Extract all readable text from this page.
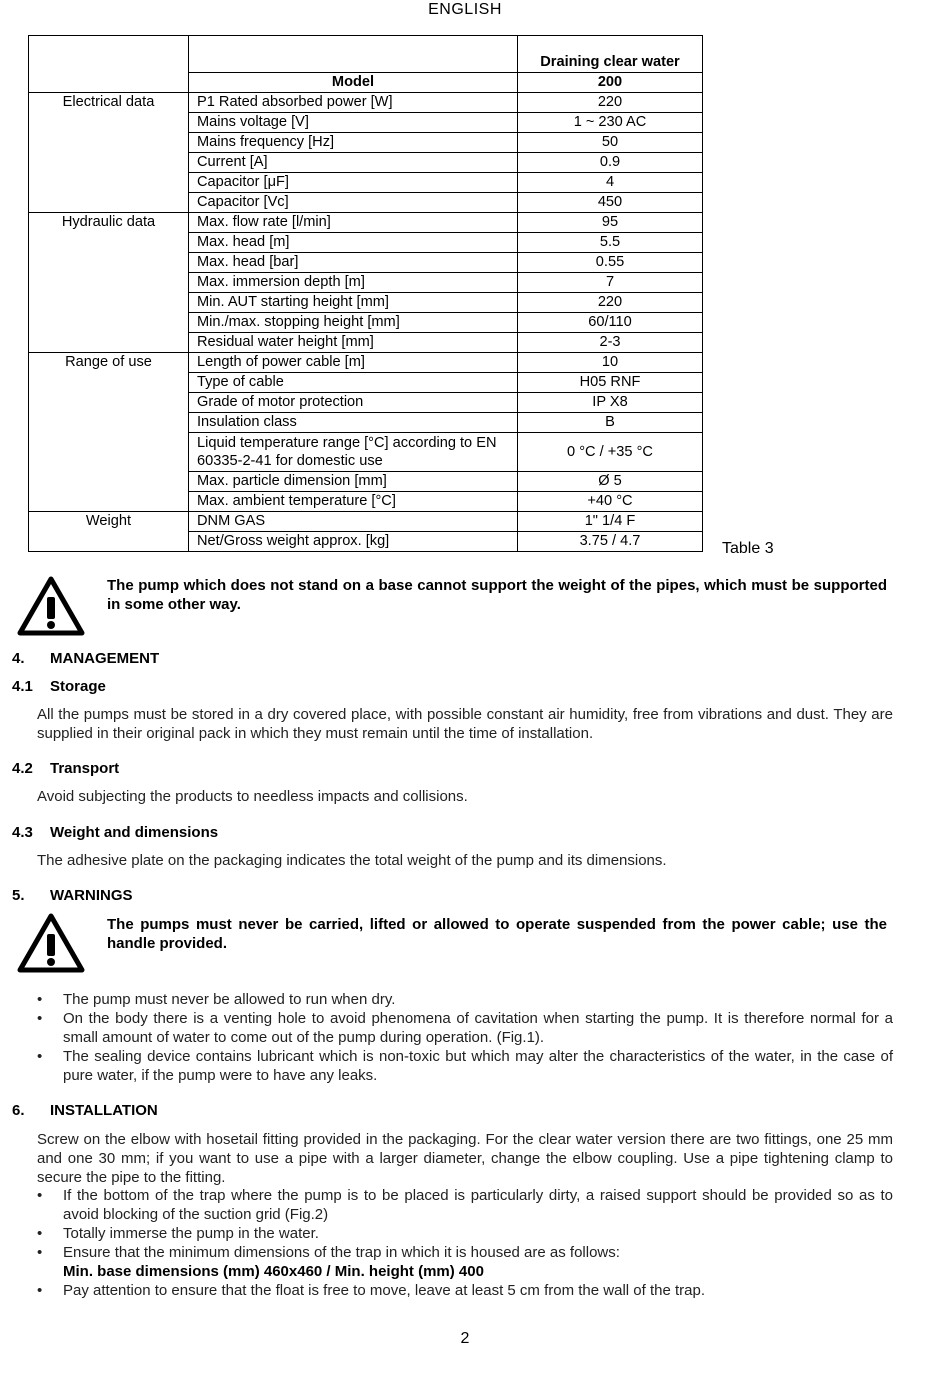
ENGLISH
		Draining clear water
	Model	200
Electrical data	P1 Rated absorbed power [W]	220
	Mains voltage [V]	1 ~ 230 AC
	Mains frequency [Hz]	50
	Current [A]	0.9
	Capacitor [μF]	4
	Capacitor [Vc]	450
Hydraulic data	Max. flow rate [l/min]	95
	Max. head [m]	5.5
	Max. head [bar]	0.55
	Max. immersion depth [m]	7
	Min. AUT starting height [mm]	220
	Min./max. stopping height [mm]	60/110
	Residual water height [mm]	2-3
Range of use	Length of power cable [m]	10
	Type of cable	H05 RNF
	Grade of motor protection	IP X8
	Insulation class	B
	Liquid temperature range [°C] according to EN 60335-2-41 for domestic use	0 °C / +35 °C
	Max. particle dimension [mm]	Ø 5
	Max. ambient temperature [°C]	+40 °C
Weight	DNM GAS	1" 1/4 F
	Net/Gross weight approx. [kg]	3.75 / 4.7	Table 3
The pump which does not stand on a base cannot support the weight of the pipes, which must be supported in some other way.
4. MANAGEMENT
4.1 Storage
All the pumps must be stored in a dry covered place, with possible constant air humidity, free from vibrations and dust. They are supplied in their original pack in which they must remain until the time of installation.
4.2 Transport
Avoid subjecting the products to needless impacts and collisions.
4.3 Weight and dimensions
The adhesive plate on the packaging indicates the total weight of the pump and its dimensions.
5. WARNINGS
The pumps must never be carried, lifted or allowed to operate suspended from the power cable; use the handle provided.
• The pump must never be allowed to run when dry.
• On the body there is a venting hole to avoid phenomena of cavitation when starting the pump. It is therefore normal for a small amount of water to come out of the pump during operation. (Fig.1).
• The sealing device contains lubricant which is non-toxic but which may alter the characteristics of the water, in the case of pure water, if the pump were to have any leaks.
6. INSTALLATION
Screw on the elbow with hosetail fitting provided in the packaging. For the clear water version there are two fittings, one 25 mm and one 30 mm; if you want to use a pipe with a larger diameter, change the elbow coupling. Use a pipe tightening clamp to secure the pipe to the fitting.
• If the bottom of the trap where the pump is to be placed is particularly dirty, a raised support should be provided so as to avoid blocking of the suction grid (Fig.2)
• Totally immerse the pump in the water.
• Ensure that the minimum dimensions of the trap in which it is housed are as follows:
Min. base dimensions (mm) 460x460 / Min. height (mm) 400
• Pay attention to ensure that the float is free to move, leave at least 5 cm from the wall of the trap.
2
